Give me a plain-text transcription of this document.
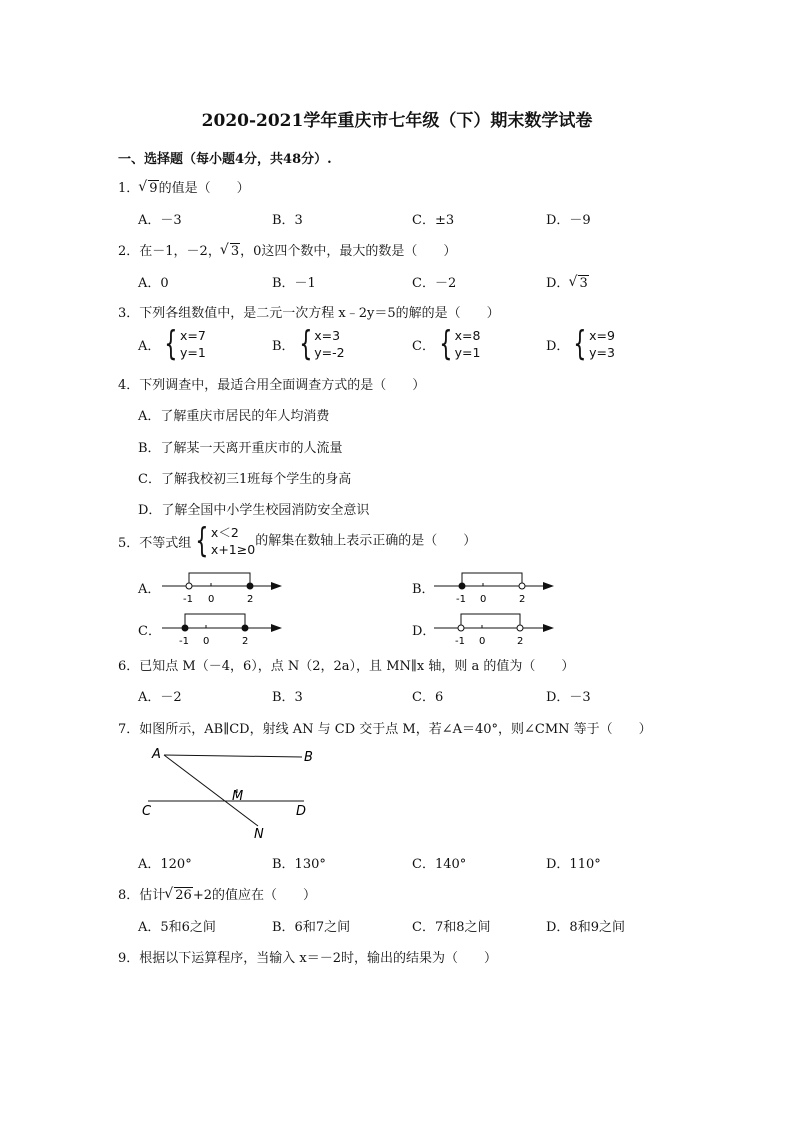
2020-2021学年重庆市七年级（下）期末数学试卷
一、选择题（每小题4分，共48分）.
1． √ 9的值是（　　）
A．－3	B．3	C．±3	D．－9
2．在－1，－2， √ 3，0这四个数中，最大的数是（　　）
A．0	B．－1	C．－2	D． √ 3
3．下列各组数值中，是二元一次方程 x﹣2y＝5的解的是（　　）
A． { x=7
y=1	B． { x=3
y=-2	C． { x=8
y=1	D． { x=9
y=3
4．下列调查中，最适合用全面调查方式的是（　　）
A．了解重庆市居民的年人均消费
B．了解某一天离开重庆市的人流量
C．了解我校初三1班每个学生的身高
D．了解全国中小学生校园消防安全意识
5．不等式组 { x＜2
x+1≥0
的解集在数轴上表示正确的是（　　）
A．
-1 0	2
B．
-1 0	2
C．
-1 0	2
D．
-1 0	2
6．已知点 M（－4，6），点 N（2，2a），且 MN∥x 轴，则 a 的值为（　　）
A．－2	B．3	C．6	D．－3
7．如图所示，AB∥CD，射线 AN 与 CD 交于点 M，若∠A＝40°，则∠CMN 等于（　　）
A	B
C	D
M
N
A．120°	B．130°	C．140°	D．110°
8．估计 √ 26+2的值应在（　　）
A．5和6之间	B．6和7之间	C．7和8之间	D．8和9之间
9．根据以下运算程序，当输入 x＝－2时，输出的结果为（　　）
